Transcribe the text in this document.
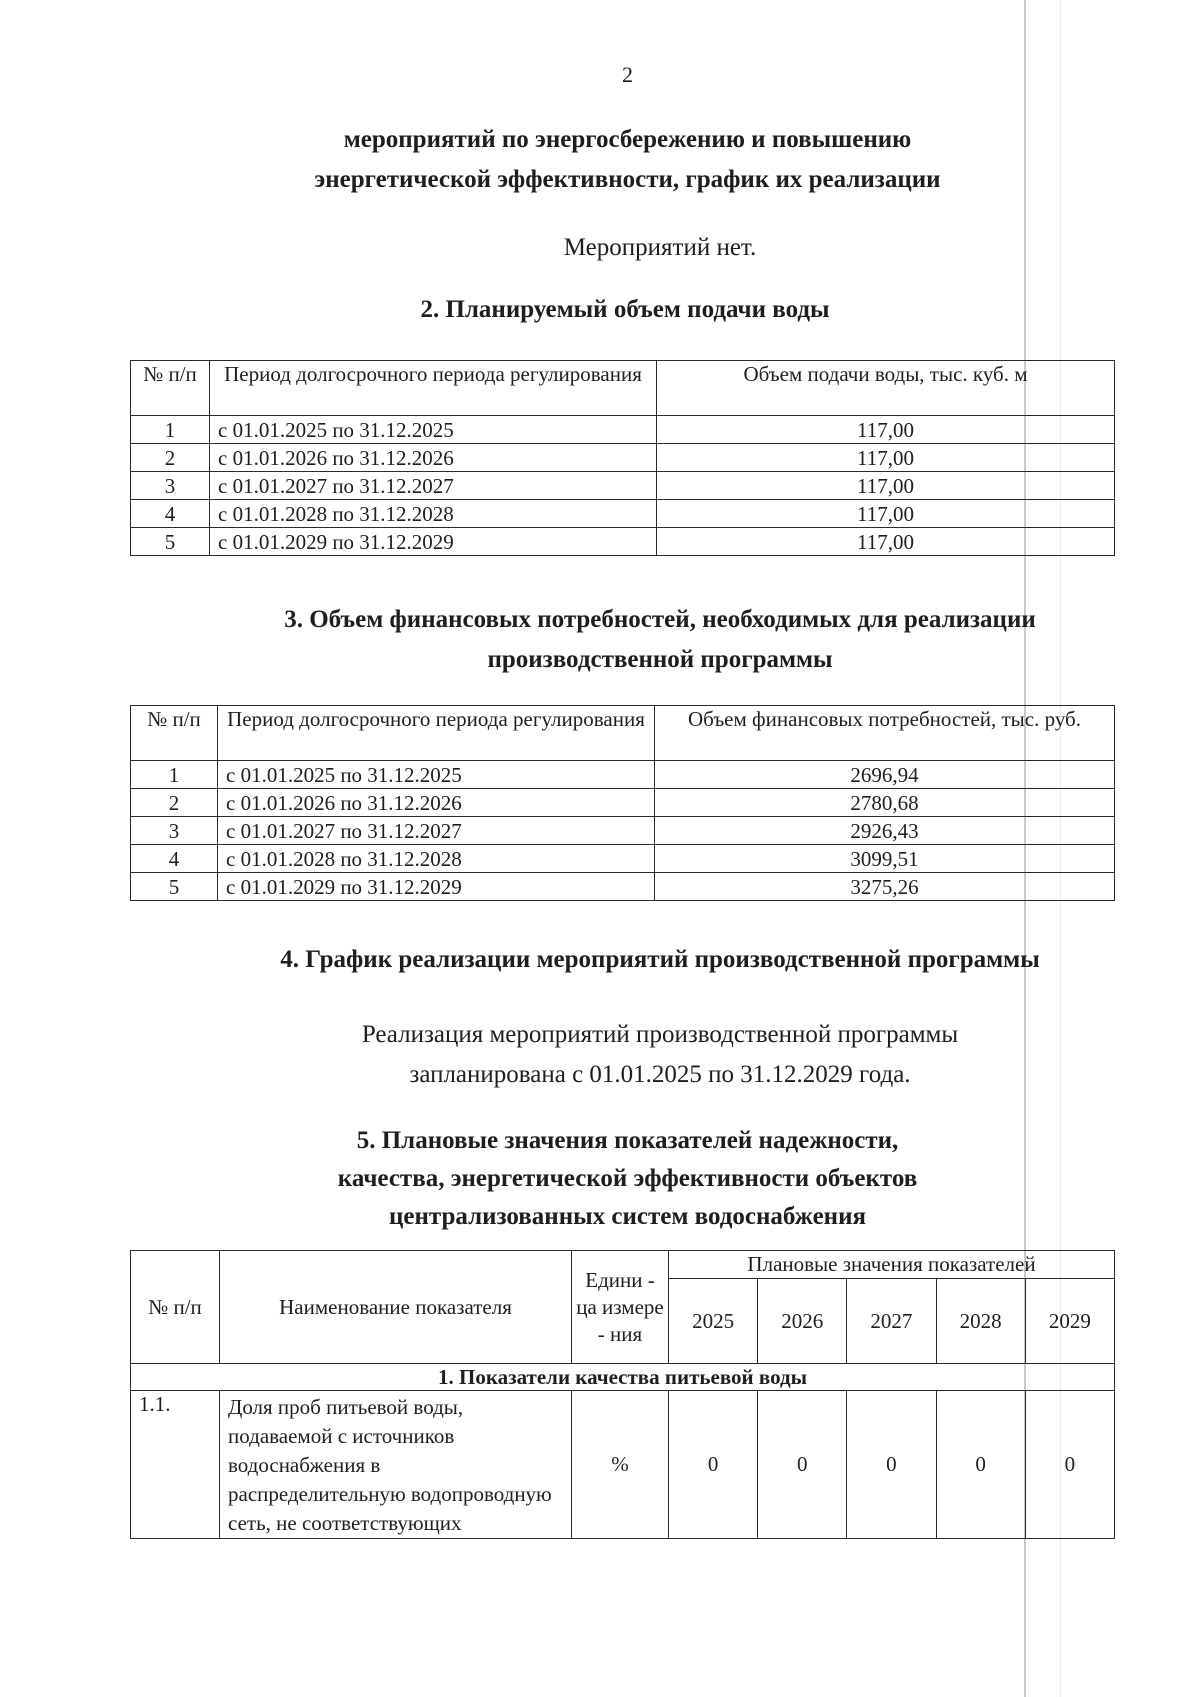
2
мероприятий по энергосбережению и повышению
энергетической эффективности, график их реализации
Мероприятий нет.
2. Планируемый объем подачи воды
№ п/п	Период долгосрочного периода регулирования	Объем подачи воды, тыс. куб. м
1	с 01.01.2025 по 31.12.2025	117,00
2	с 01.01.2026 по 31.12.2026	117,00
3	с 01.01.2027 по 31.12.2027	117,00
4	с 01.01.2028 по 31.12.2028	117,00
5	с 01.01.2029 по 31.12.2029	117,00
3. Объем финансовых потребностей, необходимых для реализации
производственной программы
№ п/п	Период долгосрочного периода регулирования	Объем финансовых потребностей, тыс. руб.
1	с 01.01.2025 по 31.12.2025	2696,94
2	с 01.01.2026 по 31.12.2026	2780,68
3	с 01.01.2027 по 31.12.2027	2926,43
4	с 01.01.2028 по 31.12.2028	3099,51
5	с 01.01.2029 по 31.12.2029	3275,26
4. График реализации мероприятий производственной программы
Реализация мероприятий производственной программы
запланирована с 01.01.2025 по 31.12.2029 года.
5. Плановые значения показателей надежности,
качества, энергетической эффективности объектов
централизованных систем водоснабжения
№ п/п	Наименование показателя	Едини - ца измере - ния	Плановые значения показателей				
			2025	2026	2027	2028	2029
1. Показатели качества питьевой воды							
1.1.	Доля проб питьевой воды, подаваемой с источников водоснабжения в распределительную водопроводную сеть, не соответствующих	%	0	0	0	0	0
